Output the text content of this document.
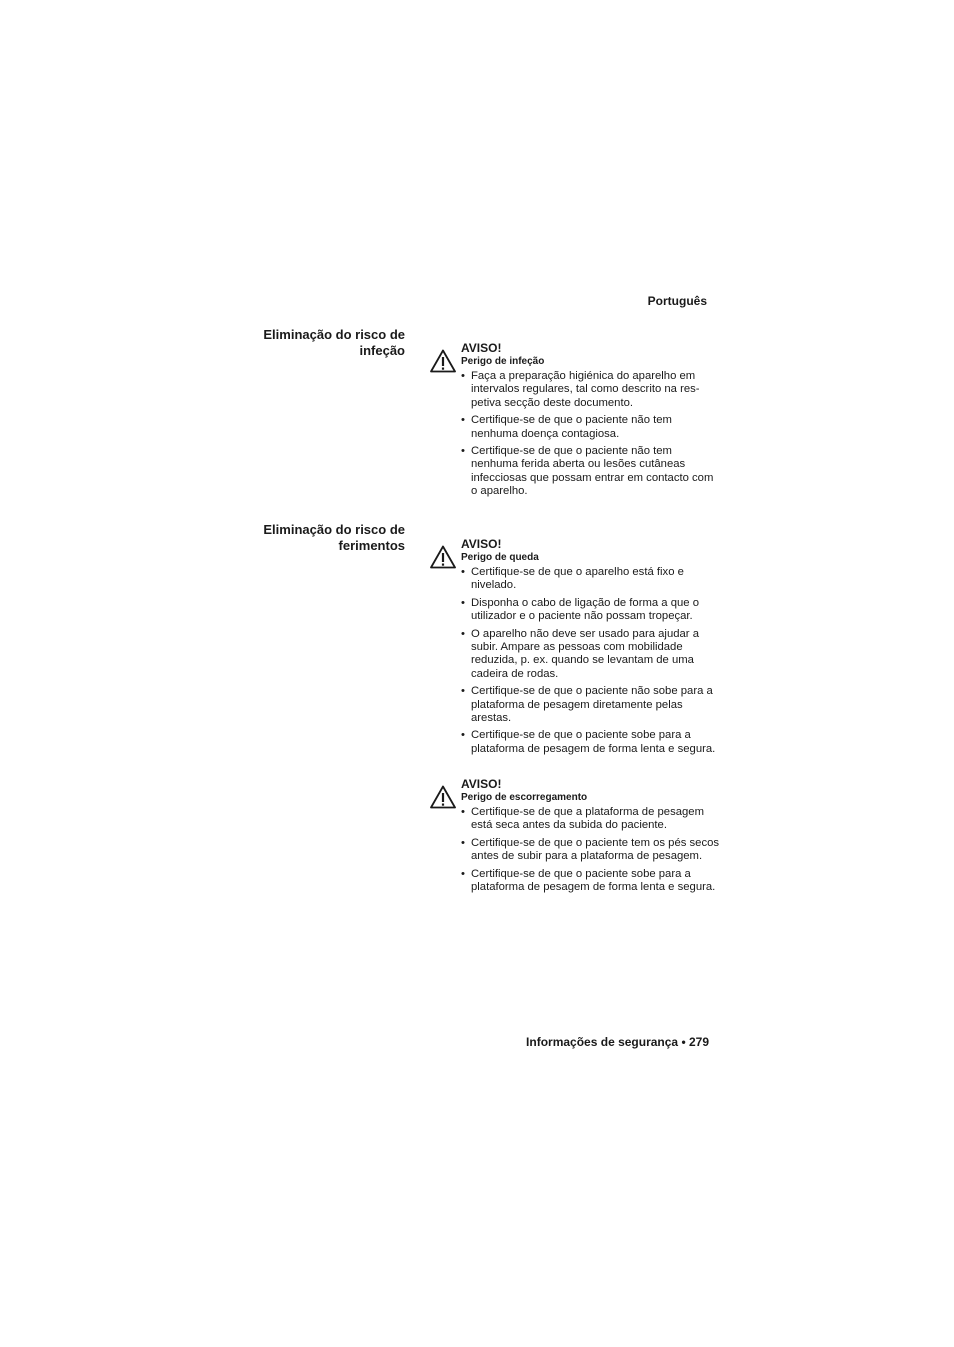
Português
Eliminação do risco de
infeção	AVISO!

Perigo de infeção

• Faça a preparação higiénica do aparelho em intervalos regulares, tal como descrito na res-petiva secção deste documento.
• Certifique-se de que o paciente não tem nenhuma doença contagiosa.
• Certifique-se de que o paciente não tem nenhuma ferida aberta ou lesões cutâneas infecciosas que possam entrar em contacto com o aparelho.
Eliminação do risco de
ferimentos	AVISO!

Perigo de queda

• Certifique-se de que o aparelho está fixo e nivelado.
• Disponha o cabo de ligação de forma a que o utilizador e o paciente não possam tropeçar.
• O aparelho não deve ser usado para ajudar a subir. Ampare as pessoas com mobilidade reduzida, p. ex. quando se levantam de uma cadeira de rodas.
• Certifique-se de que o paciente não sobe para a plataforma de pesagem diretamente pelas arestas.
• Certifique-se de que o paciente sobe para a plataforma de pesagem de forma lenta e segura.

AVISO!

Perigo de escorregamento

• Certifique-se de que a plataforma de pesagem está seca antes da subida do paciente.
• Certifique-se de que o paciente tem os pés secos antes de subir para a plataforma de pesagem.
• Certifique-se de que o paciente sobe para a plataforma de pesagem de forma lenta e segura.
Informações de segurança • 279
